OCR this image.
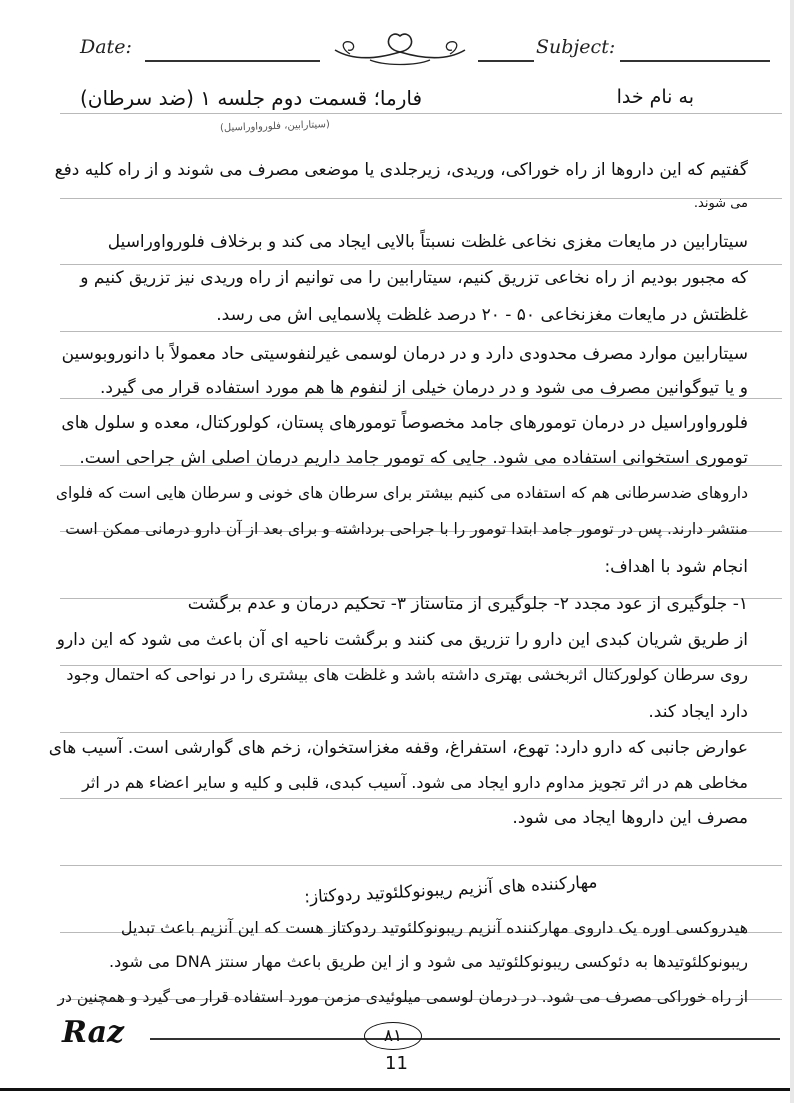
Date:	Subject:
به نام خدا
فارما؛ قسمت دوم جلسه ۱ (ضد سرطان)
(سیتارابین، فلورواوراسیل)
گفتیم که این داروها از راه خوراکی، وریدی، زیرجلدی یا موضعی مصرف می شوند و از راه کلیه دفع
می شوند.
سیتارابین در مایعات مغزی نخاعی غلظت نسبتاً بالایی ایجاد می کند و برخلاف فلورواوراسیل
که مجبور بودیم از راه نخاعی تزریق کنیم، سیتارابین را می توانیم از راه وریدی نیز تزریق کنیم و
غلظتش در مایعات مغزنخاعی ۵۰ - ۲۰ درصد غلظت پلاسمایی اش می رسد.
سیتارابین موارد مصرف محدودی دارد و در درمان لوسمی غیرلنفوسیتی حاد معمولاً با دانوروبوسین
و یا تیوگوانین مصرف می شود و در درمان خیلی از لنفوم ها هم مورد استفاده قرار می گیرد.
فلورواوراسیل در درمان تومورهای جامد مخصوصاً تومورهای پستان، کولورکتال، معده و سلول های
توموری استخوانی استفاده می شود. جایی که تومور جامد داریم درمان اصلی اش جراحی است.
داروهای ضدسرطانی هم که استفاده می کنیم بیشتر برای سرطان های خونی و سرطان هایی است که فلوای
منتشر دارند. پس در تومور جامد ابتدا تومور را با جراحی برداشته و برای بعد از آن دارو درمانی ممکن است
انجام شود با اهداف:
۱- جلوگیری از عود مجدد ۲- جلوگیری از متاستاز ۳- تحکیم درمان و عدم برگشت
از طریق شریان کبدی این دارو را تزریق می کنند و برگشت ناحیه ای آن باعث می شود که این دارو
روی سرطان کولورکتال اثربخشی بهتری داشته باشد و غلظت های بیشتری را در نواحی که احتمال وجود
دارد ایجاد کند.
عوارض جانبی که دارو دارد: تهوع، استفراغ، وقفه مغزاستخوان، زخم های گوارشی است. آسیب های
مخاطی هم در اثر تجویز مداوم دارو ایجاد می شود. آسیب کبدی، قلبی و کلیه و سایر اعضاء هم در اثر
مصرف این داروها ایجاد می شود.
مهارکننده های آنزیم ریبونوکلئوتید ردوکتاز:
هیدروکسی اوره یک داروی مهارکننده آنزیم ریبونوکلئوتید ردوکتاز هست که این آنزیم باعث تبدیل
ریبونوکلئوتیدها به دئوکسی ریبونوکلئوتید می شود و از این طریق باعث مهار سنتز DNA می شود.
از راه خوراکی مصرف می شود. در درمان لوسمی میلوئیدی مزمن مورد استفاده قرار می گیرد و همچنین در
Raz	۸۱
11
